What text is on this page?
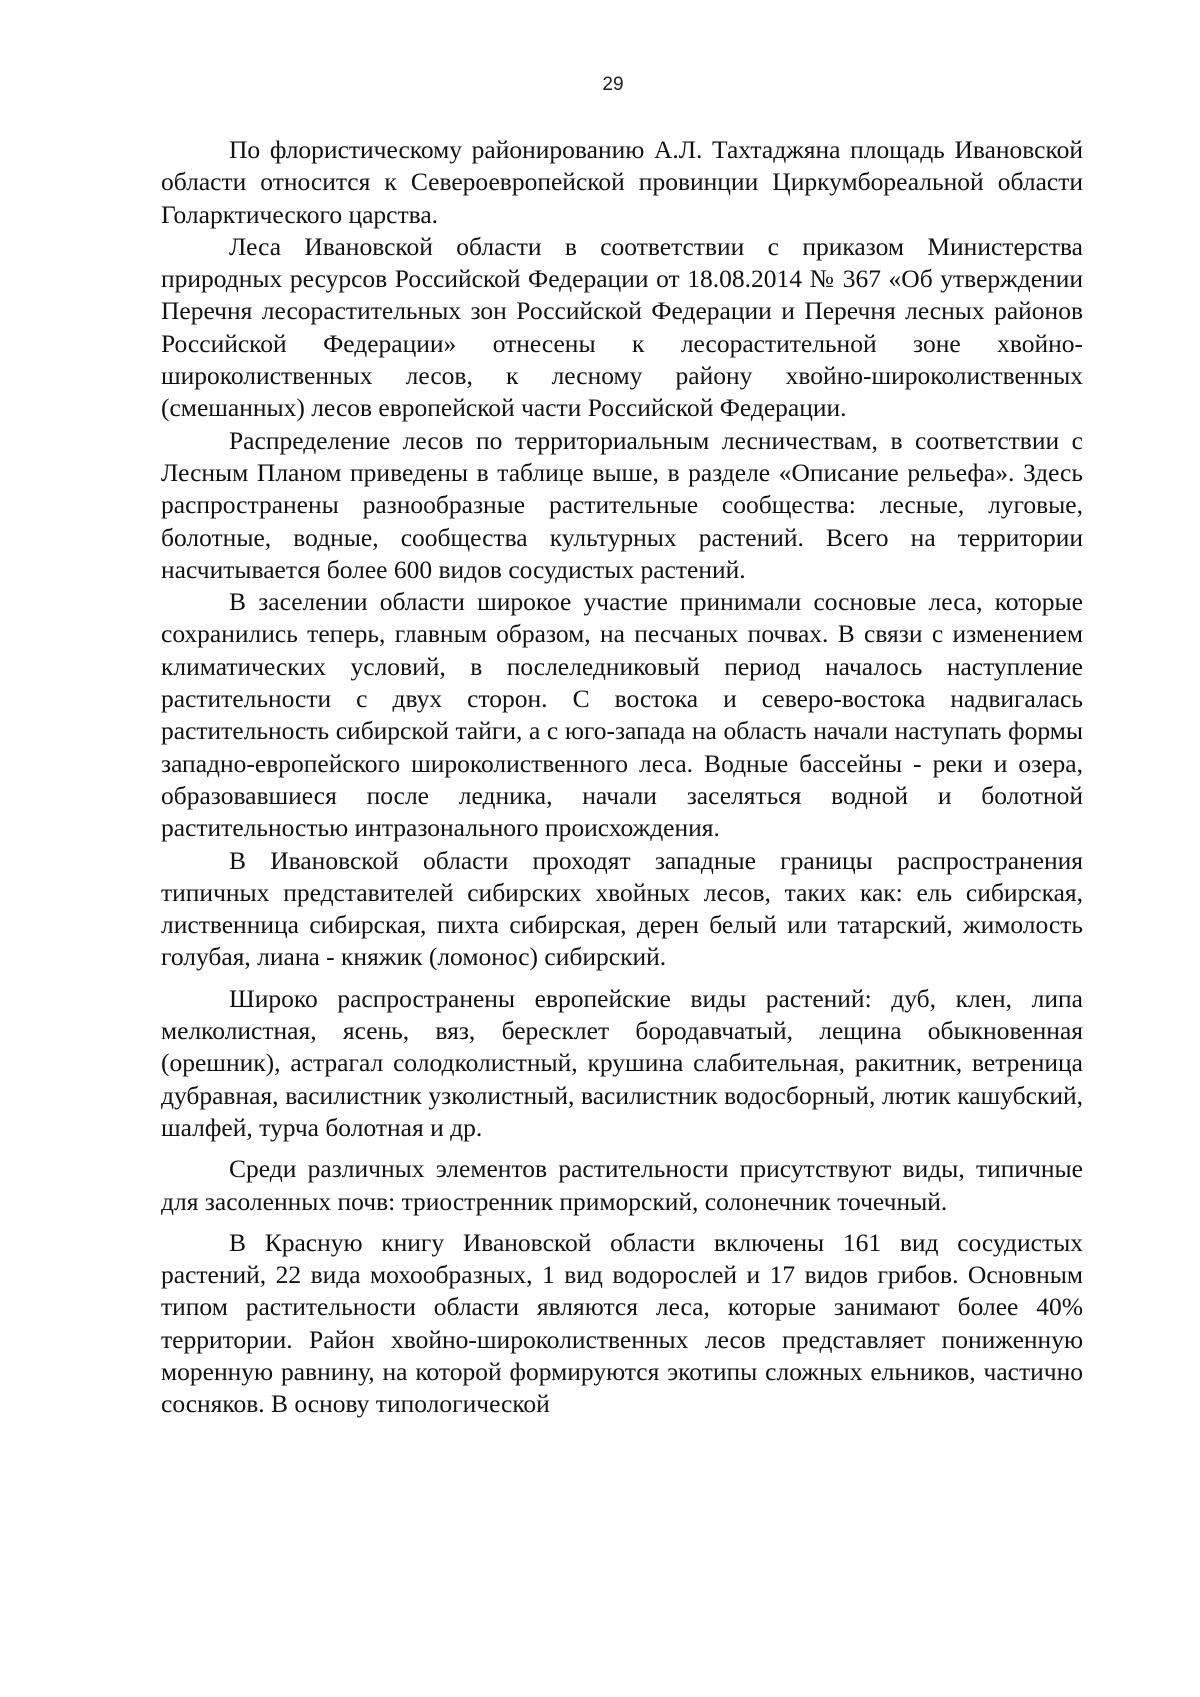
29

По флористическому районированию А.Л. Тахтаджяна площадь Ивановской области относится к Североевропейской провинции Циркумбореальной области Голарктического царства.

Леса Ивановской области в соответствии с приказом Министерства природных ресурсов Российской Федерации от 18.08.2014 № 367 «Об утверждении Перечня лесорастительных зон Российской Федерации и Перечня лесных районов Российской Федерации» отнесены к лесорастительной зоне хвойно-широколиственных лесов, к лесному району хвойно-широколиственных (смешанных) лесов европейской части Российской Федерации.

Распределение лесов по территориальным лесничествам, в соответствии с Лесным Планом приведены в таблице выше, в разделе «Описание рельефа». Здесь распространены разнообразные растительные сообщества: лесные, луговые, болотные, водные, сообщества культурных растений. Всего на территории насчитывается более 600 видов сосудистых растений.

В заселении области широкое участие принимали сосновые леса, которые сохранились теперь, главным образом, на песчаных почвах. В связи с изменением климатических условий, в послеледниковый период началось наступление растительности с двух сторон. С востока и северо-востока надвигалась растительность сибирской тайги, а с юго-запада на область начали наступать формы западно-европейского широколиственного леса. Водные бассейны - реки и озера, образовавшиеся после ледника, начали заселяться водной и болотной растительностью интразонального происхождения.

В Ивановской области проходят западные границы распространения типичных представителей сибирских хвойных лесов, таких как: ель сибирская, лиственница сибирская, пихта сибирская, дерен белый или татарский, жимолость голубая, лиана - княжик (ломонос) сибирский.

Широко распространены европейские виды растений: дуб, клен, липа мелколистная, ясень, вяз, бересклет бородавчатый, лещина обыкновенная (орешник), астрагал солодколистный, крушина слабительная, ракитник, ветреница дубравная, василистник узколистный, василистник водосборный, лютик кашубский, шалфей, турча болотная и др.

Среди различных элементов растительности присутствуют виды, типичные для засоленных почв: триостренник приморский, солонечник точечный.

В Красную книгу Ивановской области включены 161 вид сосудистых растений, 22 вида мохообразных, 1 вид водорослей и 17 видов грибов. Основным типом растительности области являются леса, которые занимают более 40% территории. Район хвойно-широколиственных лесов представляет пониженную моренную равнину, на которой формируются экотипы сложных ельников, частично сосняков. В основу типологической
